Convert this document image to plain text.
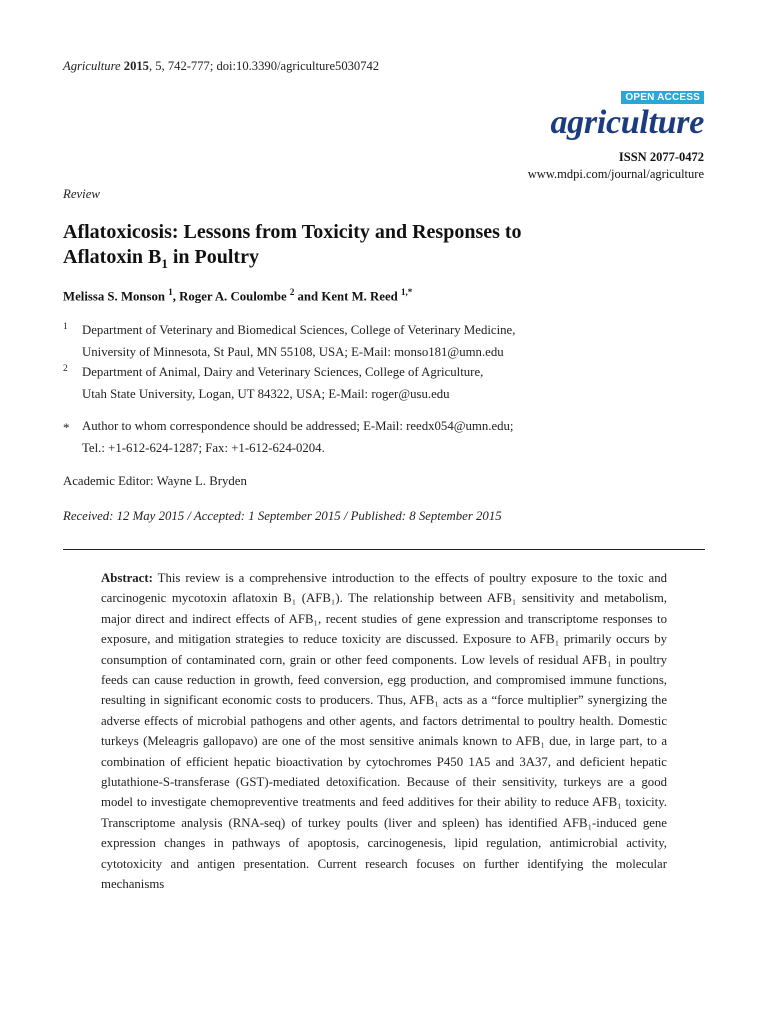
Agriculture 2015, 5, 742-777; doi:10.3390/agriculture5030742
OPEN ACCESS
agriculture
ISSN 2077-0472
www.mdpi.com/journal/agriculture
Review
Aflatoxicosis: Lessons from Toxicity and Responses to
Aflatoxin $B_1$ in Poultry
Melissa S. Monson $^1$, Roger A. Coulombe $^2$ and Kent M. Reed $^{1,*}$
1	Department of Veterinary and Biomedical Sciences, College of Veterinary Medicine,
University of Minnesota, St Paul, MN 55108, USA; E-Mail: monso181@umn.edu
2	Department of Animal, Dairy and Veterinary Sciences, College of Agriculture,
Utah State University, Logan, UT 84322, USA; E-Mail: roger@usu.edu
* Author to whom correspondence should be addressed; E-Mail: reedx054@umn.edu;
Tel.: +1-612-624-1287; Fax: +1-612-624-0204.
Academic Editor: Wayne L. Bryden
Received: 12 May 2015 / Accepted: 1 September 2015 / Published: 8 September 2015
Abstract: This review is a comprehensive introduction to the effects of poultry exposure to the toxic and carcinogenic mycotoxin aflatoxin B₁ (AFB₁). The relationship between AFB₁ sensitivity and metabolism, major direct and indirect effects of AFB₁, recent studies of gene expression and transcriptome responses to exposure, and mitigation strategies to reduce toxicity are discussed. Exposure to AFB₁ primarily occurs by consumption of contaminated corn, grain or other feed components. Low levels of residual AFB₁ in poultry feeds can cause reduction in growth, feed conversion, egg production, and compromised immune functions, resulting in significant economic costs to producers. Thus, AFB₁ acts as a “force multiplier” synergizing the adverse effects of microbial pathogens and other agents, and factors detrimental to poultry health. Domestic turkeys (Meleagris gallopavo) are one of the most sensitive animals known to AFB₁ due, in large part, to a combination of efficient hepatic bioactivation by cytochromes P450 1A5 and 3A37, and deficient hepatic glutathione-S-transferase (GST)-mediated detoxification. Because of their sensitivity, turkeys are a good model to investigate chemopreventive treatments and feed additives for their ability to reduce AFB₁ toxicity. Transcriptome analysis (RNA-seq) of turkey poults (liver and spleen) has identified AFB₁-induced gene expression changes in pathways of apoptosis, carcinogenesis, lipid regulation, antimicrobial activity, cytotoxicity and antigen presentation. Current research focuses on further identifying the molecular mechanisms
